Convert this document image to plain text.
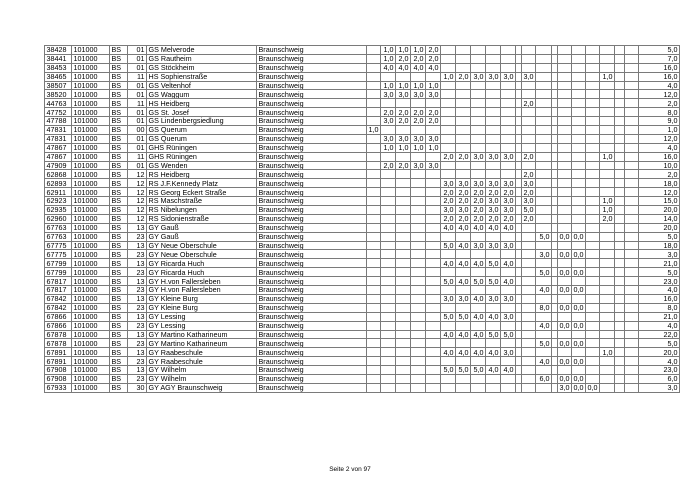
38428	101000	BS	01	GS Melverode	Braunschweig		1,0	1,0	1,0	2,0																5,0
38441	101000	BS	01	GS Rautheim	Braunschweig		1,0	2,0	2,0	2,0																7,0
38453	101000	BS	01	GS Stöckheim	Braunschweig		4,0	4,0	4,0	4,0																16,0
38465	101000	BS	11	HS Sophienstraße	Braunschweig						1,0	2,0	3,0	3,0	3,0		3,0						1,0			16,0
38507	101000	BS	01	GS Veltenhof	Braunschweig		1,0	1,0	1,0	1,0																4,0
38520	101000	BS	01	GS Waggum	Braunschweig		3,0	3,0	3,0	3,0																12,0
44763	101000	BS	11	HS Heidberg	Braunschweig												2,0									2,0
47752	101000	BS	01	GS St. Josef	Braunschweig		2,0	2,0	2,0	2,0																8,0
47788	101000	BS	01	GS Lindenbergsiedlung	Braunschweig		3,0	2,0	2,0	2,0																9,0
47831	101000	BS	00	GS Querum	Braunschweig	1,0																				1,0
47831	101000	BS	01	GS Querum	Braunschweig		3,0	3,0	3,0	3,0																12,0
47867	101000	BS	01	GHS Rüningen	Braunschweig		1,0	1,0	1,0	1,0																4,0
47867	101000	BS	11	GHS Rüningen	Braunschweig						2,0	2,0	3,0	3,0	3,0		2,0						1,0			16,0
47909	101000	BS	01	GS Wenden	Braunschweig		2,0	2,0	3,0	3,0																10,0
62868	101000	BS	12	RS Heidberg	Braunschweig												2,0									2,0
62893	101000	BS	12	RS J.F.Kennedy Platz	Braunschweig						3,0	3,0	3,0	3,0	3,0		3,0									18,0
62911	101000	BS	12	RS Georg Eckert Straße	Braunschweig						2,0	2,0	2,0	2,0	2,0		2,0									12,0
62923	101000	BS	12	RS Maschstraße	Braunschweig						2,0	2,0	2,0	3,0	3,0		3,0						1,0			15,0
62935	101000	BS	12	RS Nibelungen	Braunschweig						3,0	3,0	2,0	3,0	3,0		5,0						1,0			20,0
62960	101000	BS	12	RS Sidonienstraße	Braunschweig						2,0	2,0	2,0	2,0	2,0		2,0						2,0			14,0
67763	101000	BS	13	GY Gauß	Braunschweig						4,0	4,0	4,0	4,0	4,0											20,0
67763	101000	BS	23	GY Gauß	Braunschweig													5,0		0,0	0,0					5,0
67775	101000	BS	13	GY Neue Oberschule	Braunschweig						5,0	4,0	3,0	3,0	3,0											18,0
67775	101000	BS	23	GY Neue Oberschule	Braunschweig													3,0		0,0	0,0					3,0
67799	101000	BS	13	GY Ricarda Huch	Braunschweig						4,0	4,0	4,0	5,0	4,0											21,0
67799	101000	BS	23	GY Ricarda Huch	Braunschweig													5,0		0,0	0,0					5,0
67817	101000	BS	13	GY H.von Fallersleben	Braunschweig						5,0	4,0	5,0	5,0	4,0											23,0
67817	101000	BS	23	GY H.von Fallersleben	Braunschweig													4,0		0,0	0,0					4,0
67842	101000	BS	13	GY Kleine Burg	Braunschweig						3,0	3,0	4,0	3,0	3,0											16,0
67842	101000	BS	23	GY Kleine Burg	Braunschweig													8,0		0,0	0,0					8,0
67866	101000	BS	13	GY Lessing	Braunschweig						5,0	5,0	4,0	4,0	3,0											21,0
67866	101000	BS	23	GY Lessing	Braunschweig													4,0		0,0	0,0					4,0
67878	101000	BS	13	GY Martino Katharineum	Braunschweig						4,0	4,0	4,0	5,0	5,0											22,0
67878	101000	BS	23	GY Martino Katharineum	Braunschweig													5,0		0,0	0,0					5,0
67891	101000	BS	13	GY Raabeschule	Braunschweig						4,0	4,0	4,0	4,0	3,0								1,0			20,0
67891	101000	BS	23	GY Raabeschule	Braunschweig													4,0		0,0	0,0					4,0
67908	101000	BS	13	GY Wilhelm	Braunschweig						5,0	5,0	5,0	4,0	4,0											23,0
67908	101000	BS	23	GY Wilhelm	Braunschweig													6,0		0,0	0,0					6,0
67933	101000	BS	30	GY AGY Braunschweig	Braunschweig															3,0	0,0	0,0				3,0
Seite 2 von 97
